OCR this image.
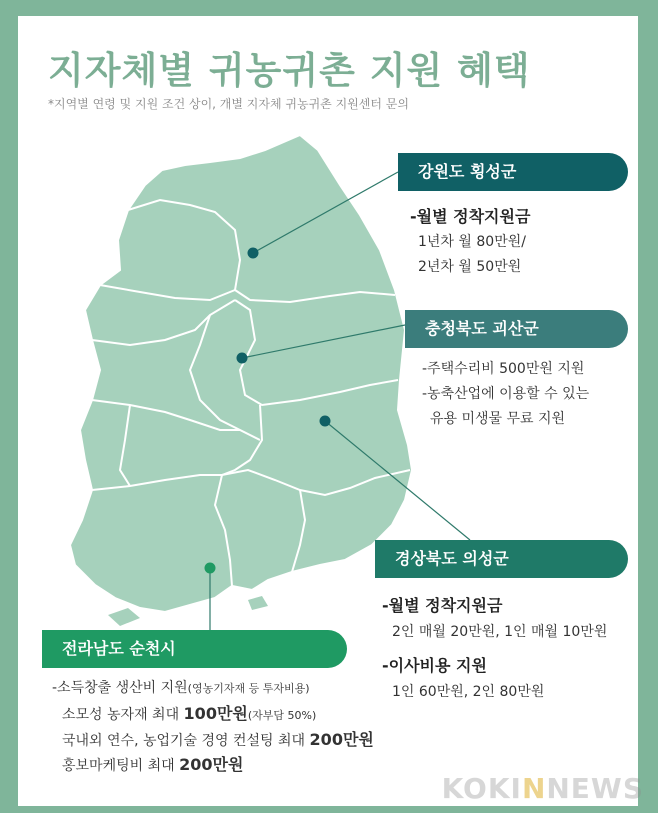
지자체별 귀농귀촌 지원 혜택
*지역별 연령 및 지원 조건 상이, 개별 지자체 귀농귀촌 지원센터 문의
강원도 횡성군
-월별 정착지원금
1년차 월 80만원/
2년차 월 50만원
충청북도 괴산군
-주택수리비 500만원 지원
-농축산업에 이용할 수 있는
유용 미생물 무료 지원
경상북도 의성군
-월별 정착지원금
2인 매월 20만원, 1인 매월 10만원
-이사비용 지원
1인 60만원, 2인 80만원
전라남도 순천시
-소득창출 생산비 지원(영농기자재 등 투자비용)
소모성 농자재 최대 100만원(자부담 50%)
국내외 연수, 농업기술 경영 컨설팅 최대 200만원
홍보마케팅비 최대 200만원
KOKINNEWS
